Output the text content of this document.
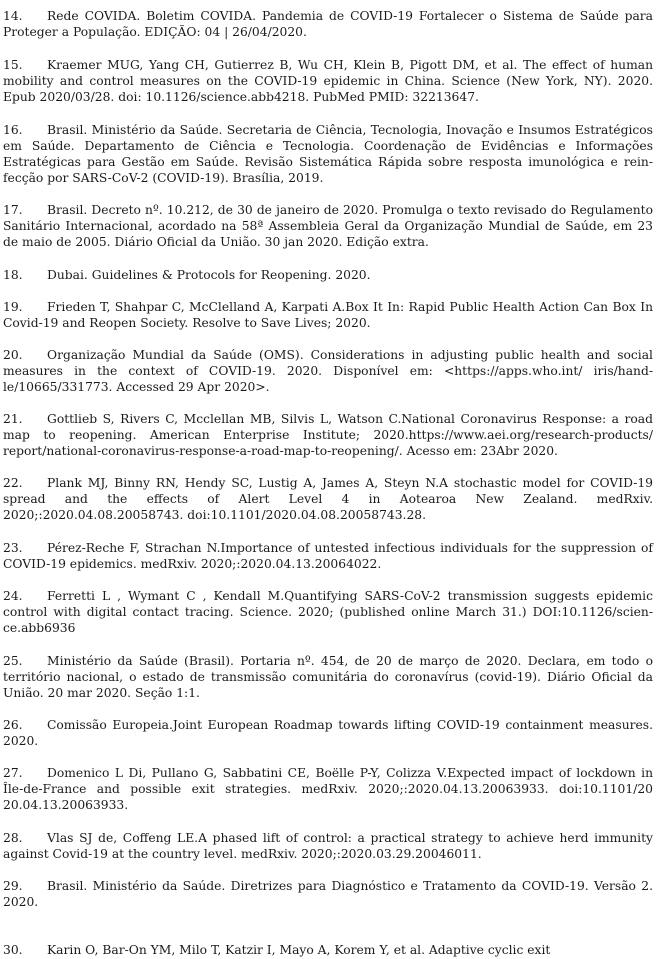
14. Rede COVIDA. Boletim COVIDA. Pandemia de COVID-19 Fortalecer o Sistema de Saúde para Proteger a População. EDIÇÃO: 04 | 26/04/2020.

15. Kraemer MUG, Yang CH, Gutierrez B, Wu CH, Klein B, Pigott DM, et al. The effect of human mobility and control measures on the COVID-19 epidemic in China. Science (New York, NY). 2020. Epub 2020/03/28. doi: 10.1126/science.abb4218. PubMed PMID: 32213647.

16. Brasil. Ministério da Saúde. Secretaria de Ciência, Tecnologia, Inovação e Insumos Estratégicos em Saúde. Departamento de Ciência e Tecnologia. Coordenação de Evidências e Informações Estratégicas para Gestão em Saúde. Revisão Sistemática Rápida sobre resposta imunológica e reinfecção por SARS-CoV-2 (COVID-19). Brasília, 2019.

17. Brasil. Decreto nº. 10.212, de 30 de janeiro de 2020. Promulga o texto revisado do Regulamento Sanitário Internacional, acordado na 58ª Assembleia Geral da Organização Mundial de Saúde, em 23 de maio de 2005. Diário Oficial da União. 30 jan 2020. Edição extra.

18. Dubai. Guidelines & Protocols for Reopening. 2020.

19. Frieden T, Shahpar C, McClelland A, Karpati A.Box It In: Rapid Public Health Action Can Box In Covid-19 and Reopen Society. Resolve to Save Lives; 2020.

20. Organização Mundial da Saúde (OMS). Considerations in adjusting public health and social measures in the context of COVID-19. 2020. Disponível em: <https://apps.who.int/ iris/handle/10665/331773. Accessed 29 Apr 2020>.

21. Gottlieb S, Rivers C, Mcclellan MB, Silvis L, Watson C.National Coronavirus Response: a road map to reopening. American Enterprise Institute; 2020.https://www.aei.org/research-products/ report/national-coronavirus-response-a-road-map-to-reopening/. Acesso em: 23Abr 2020.

22. Plank MJ, Binny RN, Hendy SC, Lustig A, James A, Steyn N.A stochastic model for COVID-19 spread and the effects of Alert Level 4 in Aotearoa New Zealand. medRxiv. 2020;:2020.04.08.20058743. doi:10.1101/2020.04.08.20058743.28.

23. Pérez-Reche F, Strachan N.Importance of untested infectious individuals for the suppression of COVID-19 epidemics. medRxiv. 2020;:2020.04.13.20064022.

24. Ferretti L , Wymant C , Kendall M.Quantifying SARS-CoV-2 transmission suggests epidemic control with digital contact tracing. Science. 2020; (published online March 31.) DOI:10.1126/science.abb6936

25. Ministério da Saúde (Brasil). Portaria nº. 454, de 20 de março de 2020. Declara, em todo o território nacional, o estado de transmissão comunitária do coronavírus (covid-19). Diário Oficial da União. 20 mar 2020. Seção 1:1.

26. Comissão Europeia.Joint European Roadmap towards lifting COVID-19 containment measures. 2020.

27. Domenico L Di, Pullano G, Sabbatini CE, Boëlle P-Y, Colizza V.Expected impact of lockdown in Île-de-France and possible exit strategies. medRxiv. 2020;:2020.04.13.20063933. doi:10.1101/20 20.04.13.20063933.

28. Vlas SJ de, Coffeng LE.A phased lift of control: a practical strategy to achieve herd immunity against Covid-19 at the country level. medRxiv. 2020;:2020.03.29.20046011.

29. Brasil. Ministério da Saúde. Diretrizes para Diagnóstico e Tratamento da COVID-19. Versão 2. 2020.

30. Karin O, Bar-On YM, Milo T, Katzir I, Mayo A, Korem Y, et al. Adaptive cyclic exit
